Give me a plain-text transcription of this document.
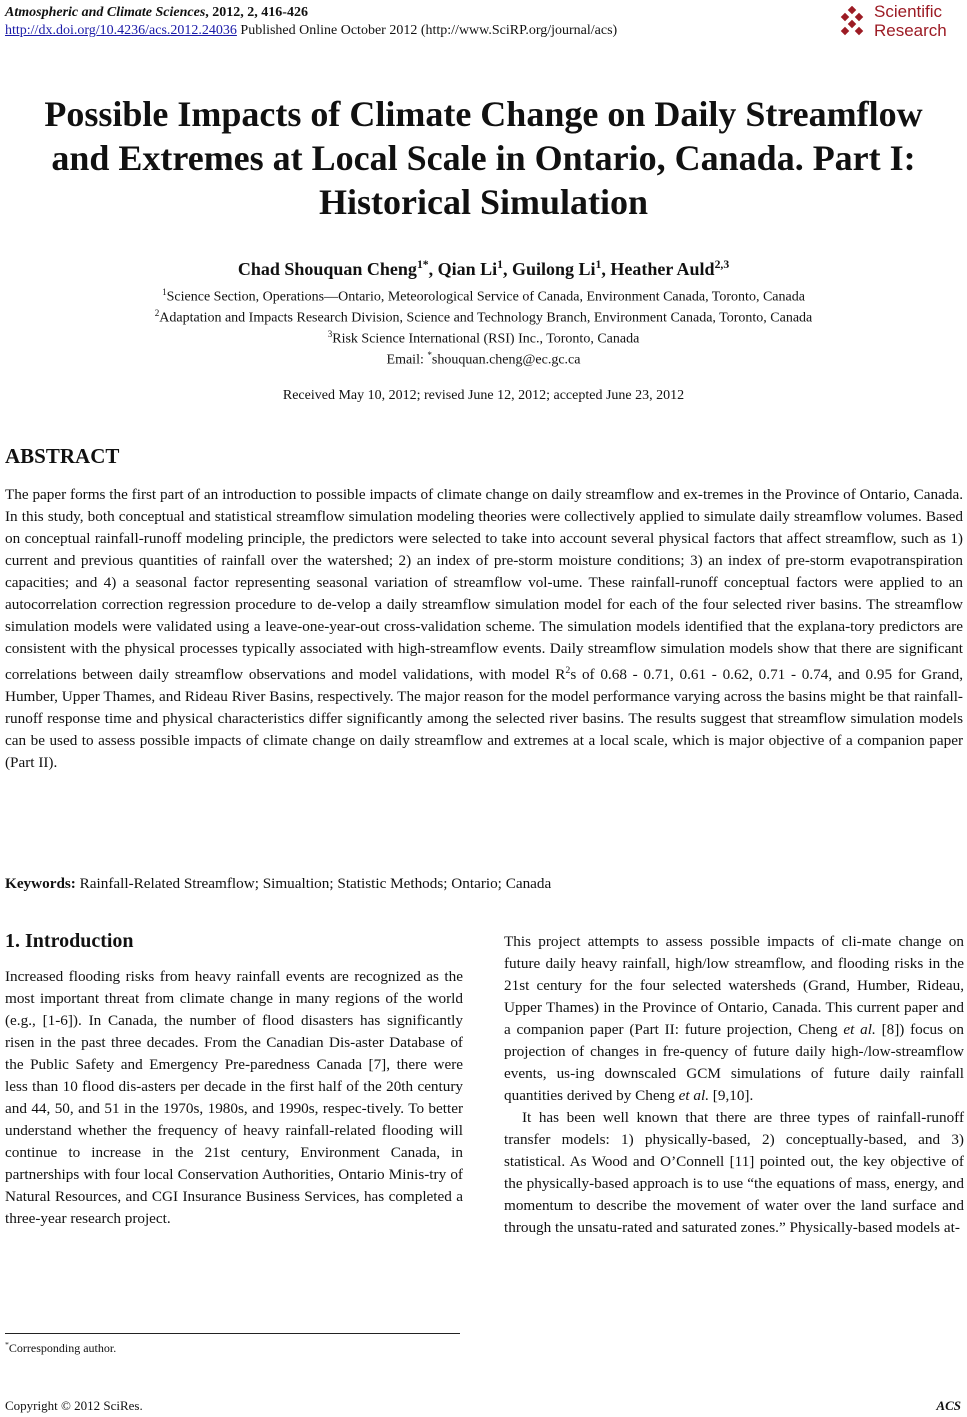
Atmospheric and Climate Sciences, 2012, 2, 416-426
http://dx.doi.org/10.4236/acs.2012.24036 Published Online October 2012 (http://www.SciRP.org/journal/acs)
Scientific
Research
Possible Impacts of Climate Change on Daily Streamflow
and Extremes at Local Scale in Ontario, Canada. Part I:
Historical Simulation
Chad Shouquan Cheng$^{1*}$, Qian Li$^1$, Guilong Li$^1$, Heather Auld$^{2,3}$
$^1$Science Section, Operations—Ontario, Meteorological Service of Canada, Environment Canada, Toronto, Canada
$^2$Adaptation and Impacts Research Division, Science and Technology Branch, Environment Canada, Toronto, Canada
$^3$Risk Science International (RSI) Inc., Toronto, Canada
Email: *shouquan.cheng@ec.gc.ca
Received May 10, 2012; revised June 12, 2012; accepted June 23, 2012
ABSTRACT

The paper forms the first part of an introduction to possible impacts of climate change on daily streamflow and ex-tremes in the Province of Ontario, Canada. In this study, both conceptual and statistical streamflow simulation modeling theories were collectively applied to simulate daily streamflow volumes. Based on conceptual rainfall-runoff modeling principle, the predictors were selected to take into account several physical factors that affect streamflow, such as 1) current and previous quantities of rainfall over the watershed; 2) an index of pre-storm moisture conditions; 3) an index of pre-storm evapotranspiration capacities; and 4) a seasonal factor representing seasonal variation of streamflow vol-ume. These rainfall-runoff conceptual factors were applied to an autocorrelation correction regression procedure to de-velop a daily streamflow simulation model for each of the four selected river basins. The streamflow simulation models were validated using a leave-one-year-out cross-validation scheme. The simulation models identified that the explana-tory predictors are consistent with the physical processes typically associated with high-streamflow events. Daily streamflow simulation models show that there are significant correlations between daily streamflow observations and model validations, with model $R^2s$ of 0.68 - 0.71, 0.61 - 0.62, 0.71 - 0.74, and 0.95 for Grand, Humber, Upper Thames, and Rideau River Basins, respectively. The major reason for the model performance varying across the basins might be that rainfall-runoff response time and physical characteristics differ significantly among the selected river basins. The results suggest that streamflow simulation models can be used to assess possible impacts of climate change on daily streamflow and extremes at a local scale, which is major objective of a companion paper (Part II).

Keywords: Rainfall-Related Streamflow; Simualtion; Statistic Methods; Ontario; Canada
1. Introduction

Increased flooding risks from heavy rainfall events are recognized as the most important threat from climate change in many regions of the world (e.g., [1-6]). In Canada, the number of flood disasters has significantly risen in the past three decades. From the Canadian Dis-aster Database of the Public Safety and Emergency Pre-paredness Canada [7], there were less than 10 flood dis-asters per decade in the first half of the 20th century and 44, 50, and 51 in the 1970s, 1980s, and 1990s, respec-tively. To better understand whether the frequency of heavy rainfall-related flooding will continue to increase in the 21st century, Environment Canada, in partnerships with four local Conservation Authorities, Ontario Minis-try of Natural Resources, and CGI Insurance Business Services, has completed a three-year research project.

This project attempts to assess possible impacts of cli-mate change on future daily heavy rainfall, high/low streamflow, and flooding risks in the 21st century for the four selected watersheds (Grand, Humber, Rideau, Upper Thames) in the Province of Ontario, Canada. This current paper and a companion paper (Part II: future projection, Cheng et al. [8]) focus on projection of changes in fre-quency of future daily high-/low-streamflow events, us-ing downscaled GCM simulations of future daily rainfall quantities derived by Cheng et al. [9,10].

It has been well known that there are three types of rainfall-runoff transfer models: 1) physically-based, 2) conceptually-based, and 3) statistical. As Wood and O’Connell [11] pointed out, the key objective of the physically-based approach is to use “the equations of mass, energy, and momentum to describe the movement of water over the land surface and through the unsatu-rated and saturated zones.” Physically-based models at-

*Corresponding author.
Copyright © 2012 SciRes.	ACS
